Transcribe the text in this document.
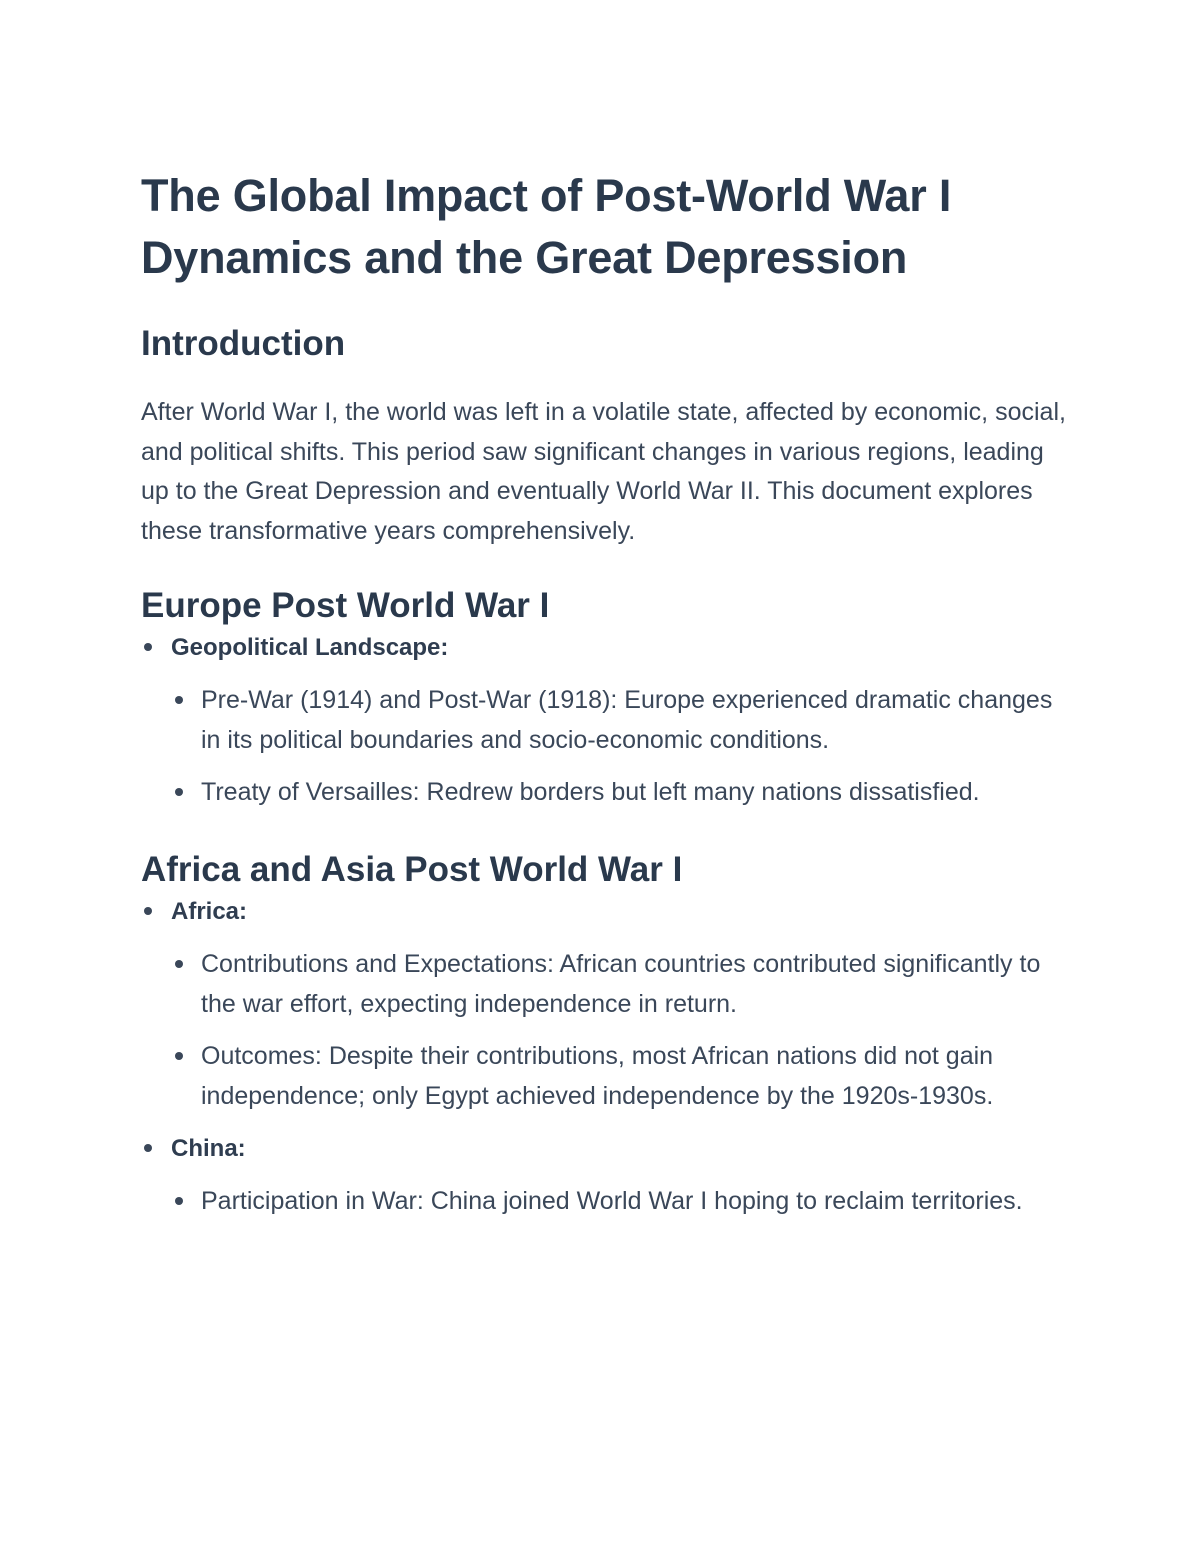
The Global Impact of Post-World War I Dynamics and the Great Depression
Introduction

After World War I, the world was left in a volatile state, affected by economic, social, and political shifts. This period saw significant changes in various regions, leading up to the Great Depression and eventually World War II. This document explores these transformative years comprehensively.

Europe Post World War I
Geopolitical Landscape:
Pre-War (1914) and Post-War (1918): Europe experienced dramatic changes in its political boundaries and socio-economic conditions.
Treaty of Versailles: Redrew borders but left many nations dissatisfied.
Africa and Asia Post World War I
Africa:
Contributions and Expectations: African countries contributed significantly to the war effort, expecting independence in return.
Outcomes: Despite their contributions, most African nations did not gain independence; only Egypt achieved independence by the 1920s-1930s.
China:
Participation in War: China joined World War I hoping to reclaim territories.
